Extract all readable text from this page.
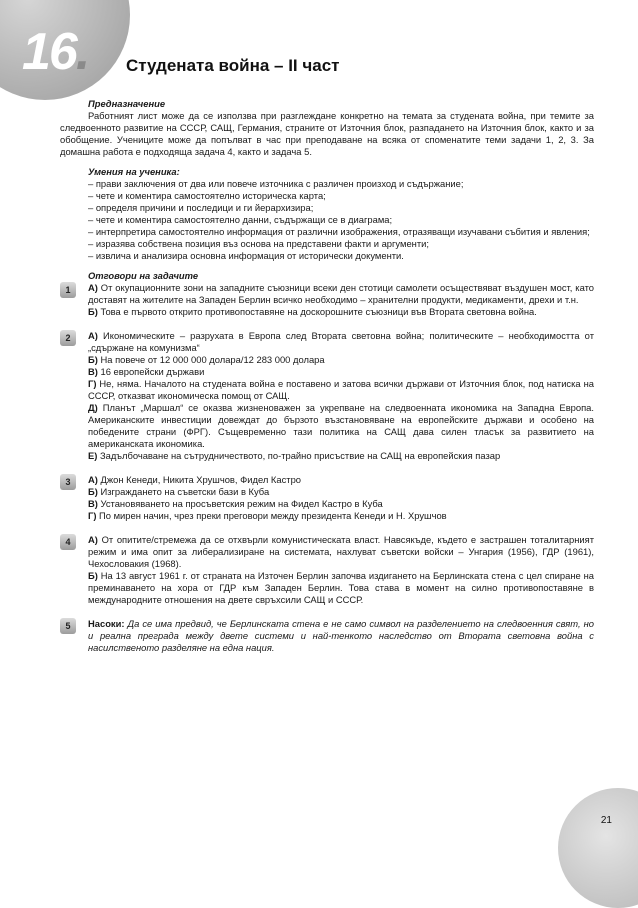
16. Студената война – II част

Предназначение

Работният лист може да се използва при разглеждане конкретно на темата за студената война, при темите за следвоенното развитие на СССР, САЩ, Германия, страните от Източния блок, разпадането на Източния блок, както и за обобщение. Учениците може да попълват в час при преподаване на всяка от споменатите теми задачи 1, 2, 3. За домашна работа е подходяща задача 4, както и задача 5.

Умения на ученика:

– прави заключения от два или повече източника с различен произход и съдържание;

– чете и коментира самостоятелно историческа карта;

– определя причини и последици и ги йерархизира;

– чете и коментира самостоятелно данни, съдържащи се в диаграма;

– интерпретира самостоятелно информация от различни изображения, отразяващи изучавани събития и явления;

– изразява собствена позиция въз основа на представени факти и аргументи;

– извлича и анализира основна информация от исторически документи.

Отговори на задачите

1	А) От окупационните зони на западните съюзници всеки ден стотици самолети осъществяват въздушен мост, като доставят на жителите на Западен Берлин всичко необходимо – хранителни продукти, медикаменти, дрехи и т.н.

Б) Това е първото открито противопоставяне на доскорошните съюзници във Втората световна война.

2	А) Икономическите – разрухата в Европа след Втората световна война; политическите – необходимостта от „сдържане на комунизма“

Б) На повече от 12 000 000 долара/12 283 000 долара

В) 16 европейски държави

Г) Не, няма. Началото на студената война е поставено и затова всички държави от Източния блок, под натиска на СССР, отказват икономическа помощ от САЩ.

Д) Планът „Маршал“ се оказва жизненоважен за укрепване на следвоенната икономика на Западна Европа. Американските инвестиции довеждат до бързото възстановяване на европейските държави и особено на победените страни (ФРГ). Същевременно тази политика на САЩ дава силен тласък за развитието на американската икономика.

Е) Задълбочаване на сътрудничеството, по-трайно присъствие на САЩ на европейския пазар

3	А) Джон Кенеди, Никита Хрушчов, Фидел Кастро

Б) Изграждането на съветски бази в Куба

В) Установяването на просъветския режим на Фидел Кастро в Куба

Г) По мирен начин, чрез преки преговори между президента Кенеди и Н. Хрушчов

4	А) От опитите/стремежа да се отхвърли комунистическата власт. Навсякъде, където е застрашен тоталитарният режим и има опит за либерализиране на системата, нахлуват съветски войски – Унгария (1956), ГДР (1961), Чехословакия (1968).

Б) На 13 август 1961 г. от страната на Източен Берлин започва издигането на Берлинската стена с цел спиране на преминаването на хора от ГДР към Западен Берлин. Това става в момент на силно противопоставяне в международните отношения на двете свръхсили САЩ и СССР.

5	Насоки: Да се има предвид, че Берлинската стена е не само символ на разделението на следвоенния свят, но и реална преграда между двете системи и най-тенкото наследство от Втората световна война с насилственото разделяне на една нация.

21
